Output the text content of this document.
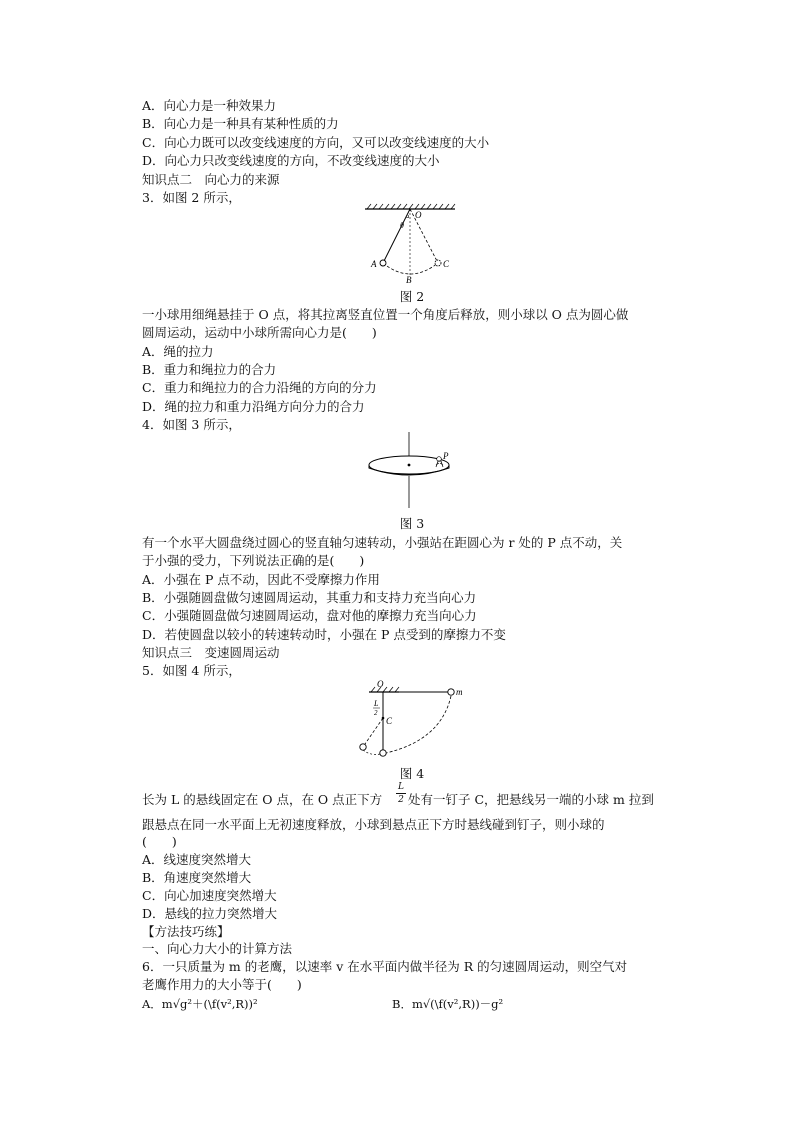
A．向心力是一种效果力
B．向心力是一种具有某种性质的力
C．向心力既可以改变线速度的方向，又可以改变线速度的大小
D．向心力只改变线速度的方向，不改变线速度的大小
知识点二　向心力的来源
3．如图 2 所示，
O
θ
A
B
C
图 2
一小球用细绳悬挂于 O 点，将其拉离竖直位置一个角度后释放，则小球以 O 点为圆心做
圆周运动，运动中小球所需向心力是(　　)
A．绳的拉力
B．重力和绳拉力的合力
C．重力和绳拉力的合力沿绳的方向的分力
D．绳的拉力和重力沿绳方向分力的合力
4．如图 3 所示，
P
图 3
有一个水平大圆盘绕过圆心的竖直轴匀速转动，小强站在距圆心为 r 处的 P 点不动，关
于小强的受力，下列说法正确的是(　　)
A．小强在 P 点不动，因此不受摩擦力作用
B．小强随圆盘做匀速圆周运动，其重力和支持力充当向心力
C．小强随圆盘做匀速圆周运动，盘对他的摩擦力充当向心力
D．若使圆盘以较小的转速转动时，小强在 P 点受到的摩擦力不变
知识点三　变速圆周运动
5．如图 4 所示，
O
m
L
2
C
图 4
长为 L 的悬线固定在 O 点，在 O 点正下方
L
2 处有一钉子 C，把悬线另一端的小球 m 拉到
跟悬点在同一水平面上无初速度释放，小球到悬点正下方时悬线碰到钉子，则小球的
(　　)
A．线速度突然增大
B．角速度突然增大
C．向心加速度突然增大
D．悬线的拉力突然增大
【方法技巧练】
一、向心力大小的计算方法
6．一只质量为 m 的老鹰，以速率 v 在水平面内做半径为 R 的匀速圆周运动，则空气对
老鹰作用力的大小等于(　　)
A．m√g²＋(\f(v²,R))²	B．m√(\f(v²,R))－g²
